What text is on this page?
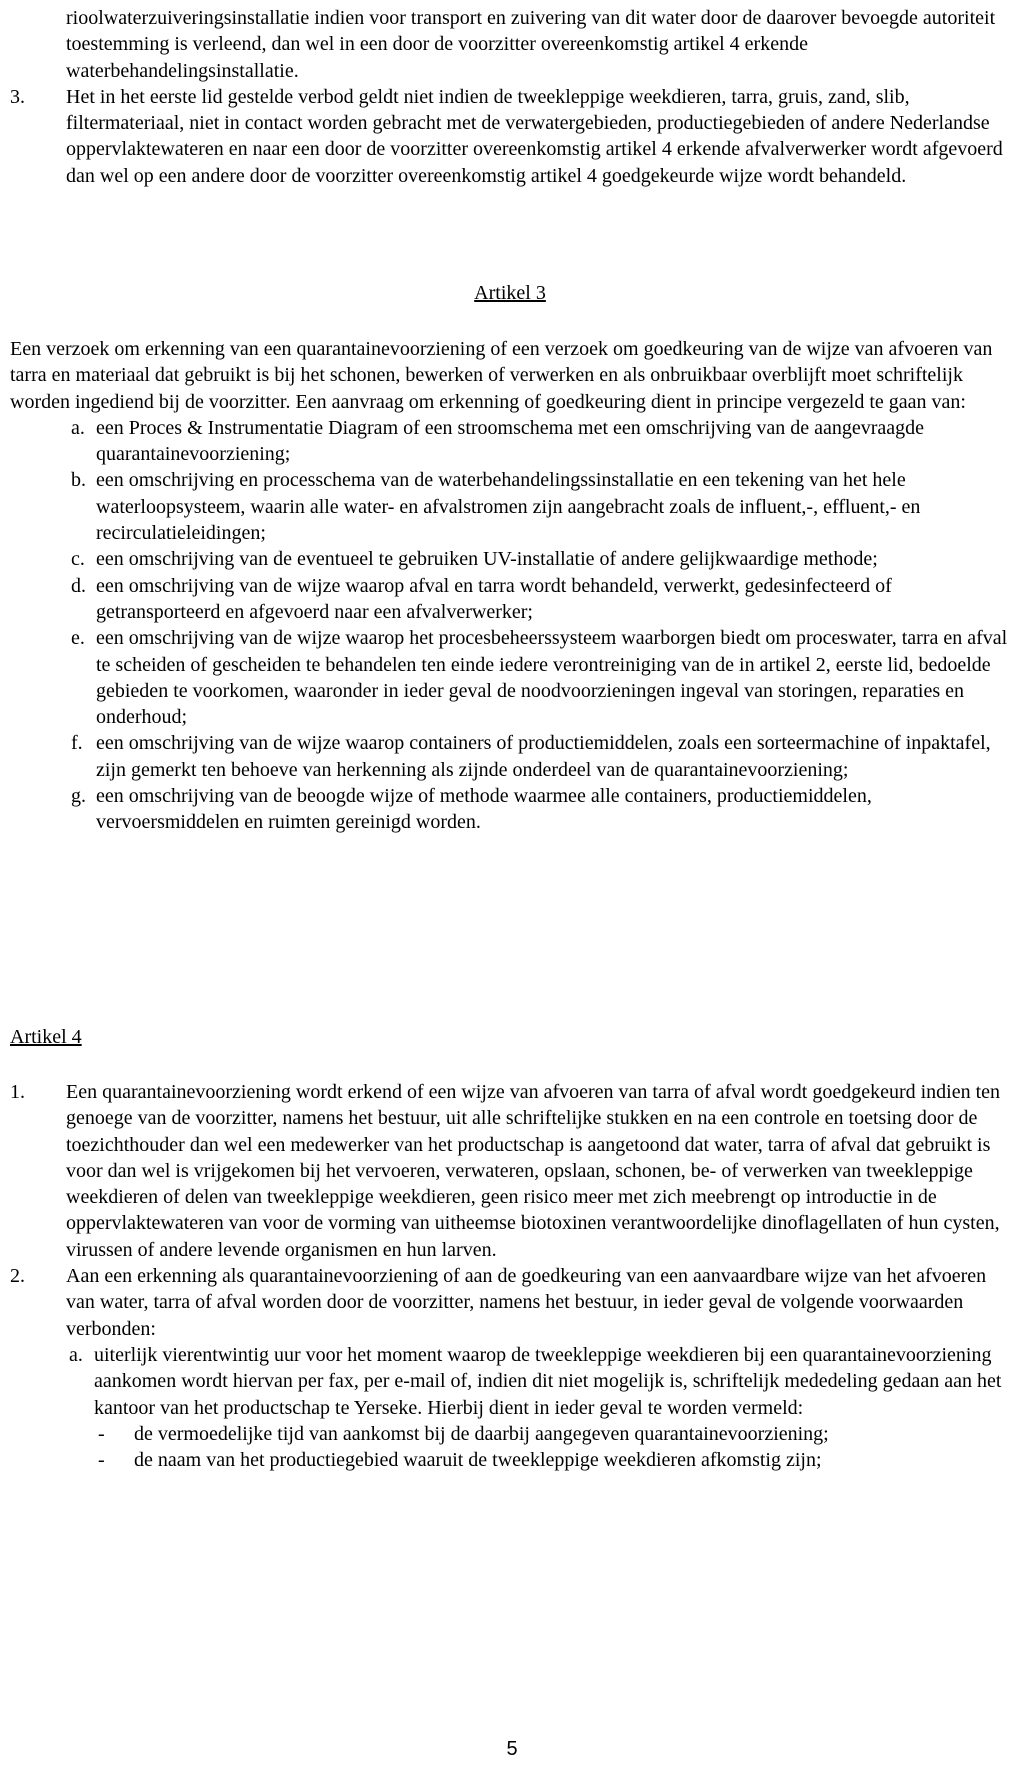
rioolwaterzuiveringsinstallatie indien voor transport en zuivering van dit water door de daarover bevoegde autoriteit toestemming is verleend, dan wel in een door de voorzitter overeenkomstig artikel 4 erkende waterbehandelingsinstallatie.
3. Het in het eerste lid gestelde verbod geldt niet indien de tweekleppige weekdieren, tarra, gruis, zand, slib, filtermateriaal, niet in contact worden gebracht met de verwatergebieden, productiegebieden of andere Nederlandse oppervlaktewateren en naar een door de voorzitter overeenkomstig artikel 4 erkende afvalverwerker wordt afgevoerd dan wel op een andere door de voorzitter overeenkomstig artikel 4 goedgekeurde wijze wordt behandeld.
Artikel 3
Een verzoek om erkenning van een quarantainevoorziening of een verzoek om goedkeuring van de wijze van afvoeren van tarra en materiaal dat gebruikt is bij het schonen, bewerken of verwerken en als onbruikbaar overblijft moet schriftelijk worden ingediend bij de voorzitter. Een aanvraag om erkenning of goedkeuring dient in principe vergezeld te gaan van:
a. een Proces & Instrumentatie Diagram of een stroomschema met een omschrijving van de aangevraagde quarantainevoorziening;
b. een omschrijving en processchema van de waterbehandelingssinstallatie en een tekening van het hele waterloopsysteem, waarin alle water- en afvalstromen zijn aangebracht zoals de influent,-, effluent,- en recirculatieleidingen;
c. een omschrijving van de eventueel te gebruiken UV-installatie of andere gelijkwaardige methode;
d. een omschrijving van de wijze waarop afval en tarra wordt behandeld, verwerkt, gedesinfecteerd of getransporteerd en afgevoerd naar een afvalverwerker;
e. een omschrijving van de wijze waarop het procesbeheerssysteem waarborgen biedt om proceswater, tarra en afval te scheiden of gescheiden te behandelen ten einde iedere verontreiniging van de in artikel 2, eerste lid, bedoelde gebieden te voorkomen, waaronder in ieder geval de noodvoorzieningen ingeval van storingen, reparaties en onderhoud;
f. een omschrijving van de wijze waarop containers of productiemiddelen, zoals een sorteermachine of inpaktafel, zijn gemerkt ten behoeve van herkenning als zijnde onderdeel van de quarantainevoorziening;
g. een omschrijving van de beoogde wijze of methode waarmee alle containers, productiemiddelen, vervoersmiddelen en ruimten gereinigd worden.
Artikel 4
1. Een quarantainevoorziening wordt erkend of een wijze van afvoeren van tarra of afval wordt goedgekeurd indien ten genoege van de voorzitter, namens het bestuur, uit alle schriftelijke stukken en na een controle en toetsing door de toezichthouder dan wel een medewerker van het productschap is aangetoond dat water, tarra of afval dat gebruikt is voor dan wel is vrijgekomen bij het vervoeren, verwateren, opslaan, schonen, be- of verwerken van tweekleppige weekdieren of delen van tweekleppige weekdieren, geen risico meer met zich meebrengt op introductie in de oppervlaktewateren van voor de vorming van uitheemse biotoxinen verantwoordelijke dinoflagellaten of hun cysten, virussen of andere levende organismen en hun larven.
2. Aan een erkenning als quarantainevoorziening of aan de goedkeuring van een aanvaardbare wijze van het afvoeren van water, tarra of afval worden door de voorzitter, namens het bestuur, in ieder geval de volgende voorwaarden verbonden:
a. uiterlijk vierentwintig uur voor het moment waarop de tweekleppige weekdieren bij een quarantainevoorziening aankomen wordt hiervan per fax, per e-mail of, indien dit niet mogelijk is, schriftelijk mededeling gedaan aan het kantoor van het productschap te Yerseke. Hierbij dient in ieder geval te worden vermeld:
- de vermoedelijke tijd van aankomst bij de daarbij aangegeven quarantainevoorziening;
- de naam van het productiegebied waaruit de tweekleppige weekdieren afkomstig zijn;
5
